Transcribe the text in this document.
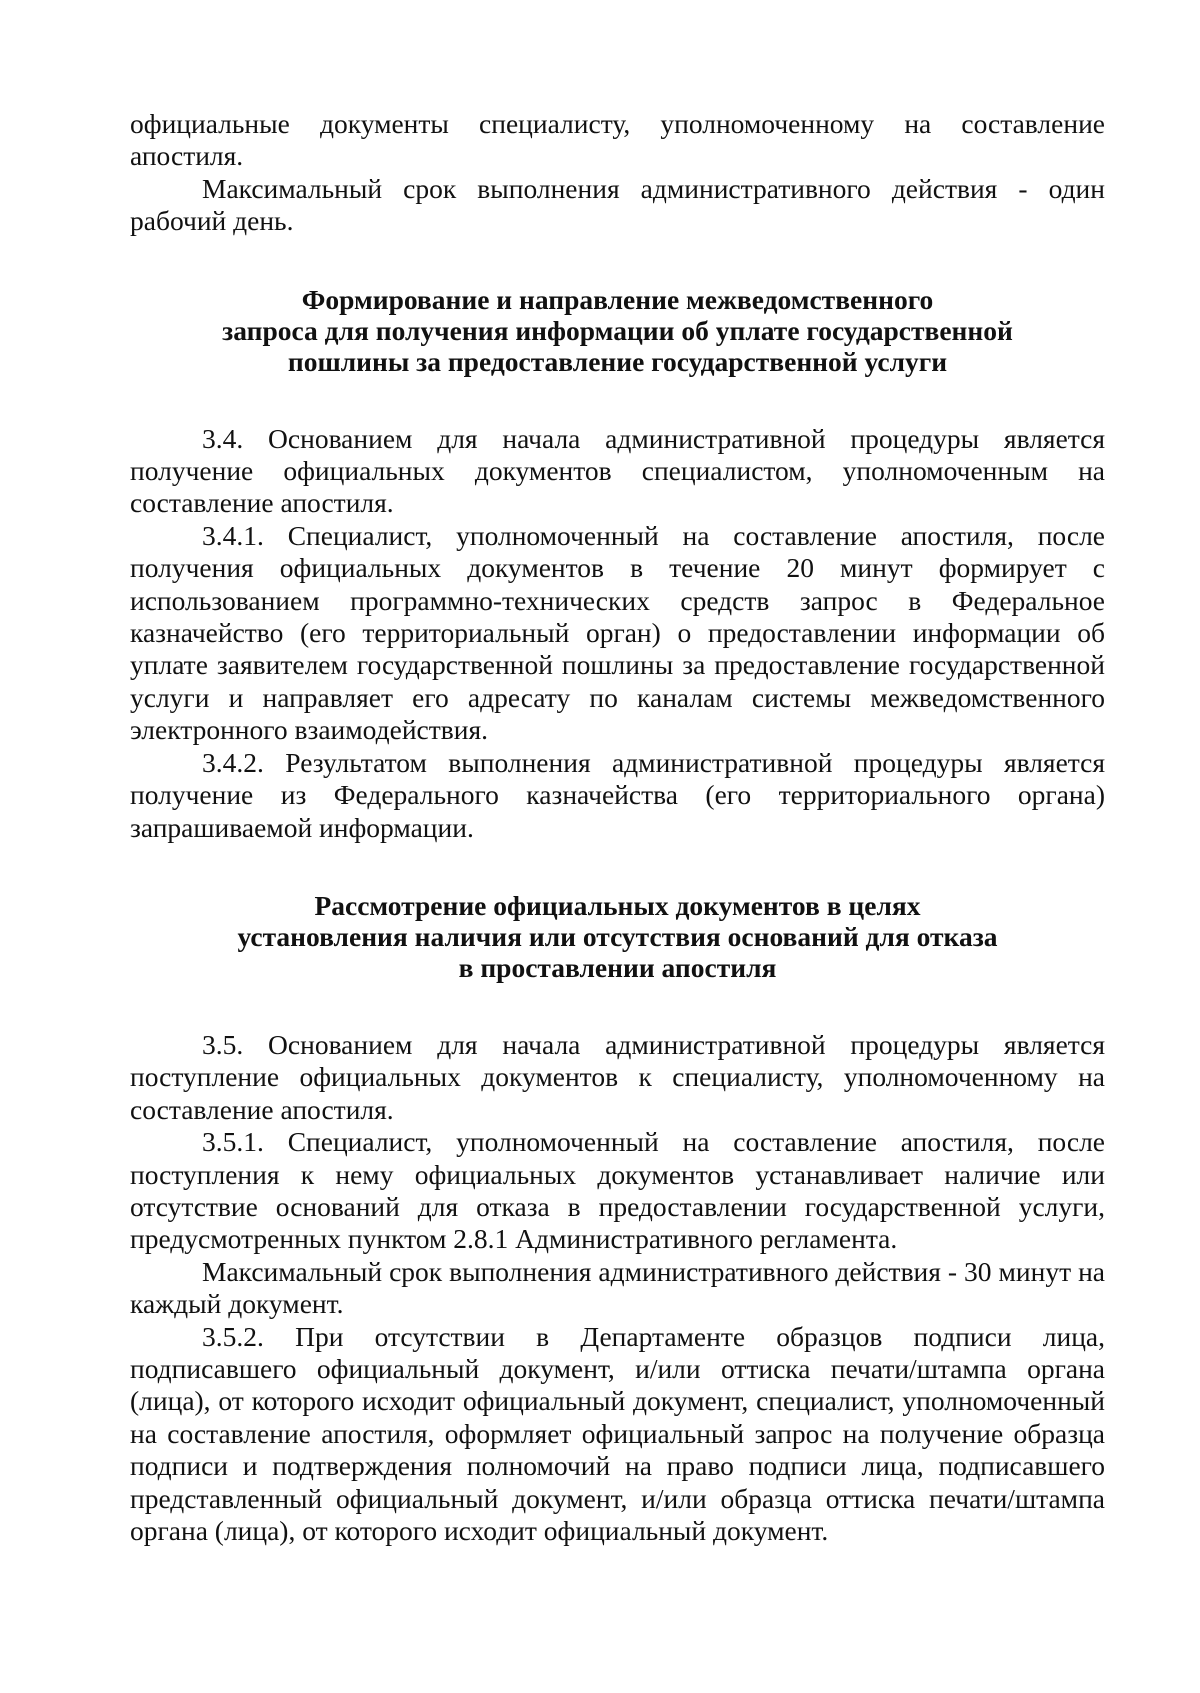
официальные документы специалисту, уполномоченному на составление апостиля.

Максимальный срок выполнения административного действия - один рабочий день.

Формирование и направление межведомственного
запроса для получения информации об уплате государственной
пошлины за предоставление государственной услуги

3.4. Основанием для начала административной процедуры является получение официальных документов специалистом, уполномоченным на составление апостиля.

3.4.1. Специалист, уполномоченный на составление апостиля, после получения официальных документов в течение 20 минут формирует с использованием программно-технических средств запрос в Федеральное казначейство (его территориальный орган) о предоставлении информации об уплате заявителем государственной пошлины за предоставление государственной услуги и направляет его адресату по каналам системы межведомственного электронного взаимодействия.

3.4.2. Результатом выполнения административной процедуры является получение из Федерального казначейства (его территориального органа) запрашиваемой информации.

Рассмотрение официальных документов в целях
установления наличия или отсутствия оснований для отказа
в проставлении апостиля

3.5. Основанием для начала административной процедуры является поступление официальных документов к специалисту, уполномоченному на составление апостиля.

3.5.1. Специалист, уполномоченный на составление апостиля, после поступления к нему официальных документов устанавливает наличие или отсутствие оснований для отказа в предоставлении государственной услуги, предусмотренных пунктом 2.8.1 Административного регламента.

Максимальный срок выполнения административного действия - 30 минут на каждый документ.

3.5.2. При отсутствии в Департаменте образцов подписи лица, подписавшего официальный документ, и/или оттиска печати/штампа органа (лица), от которого исходит официальный документ, специалист, уполномоченный на составление апостиля, оформляет официальный запрос на получение образца подписи и подтверждения полномочий на право подписи лица, подписавшего представленный официальный документ, и/или образца оттиска печати/штампа органа (лица), от которого исходит официальный документ.
